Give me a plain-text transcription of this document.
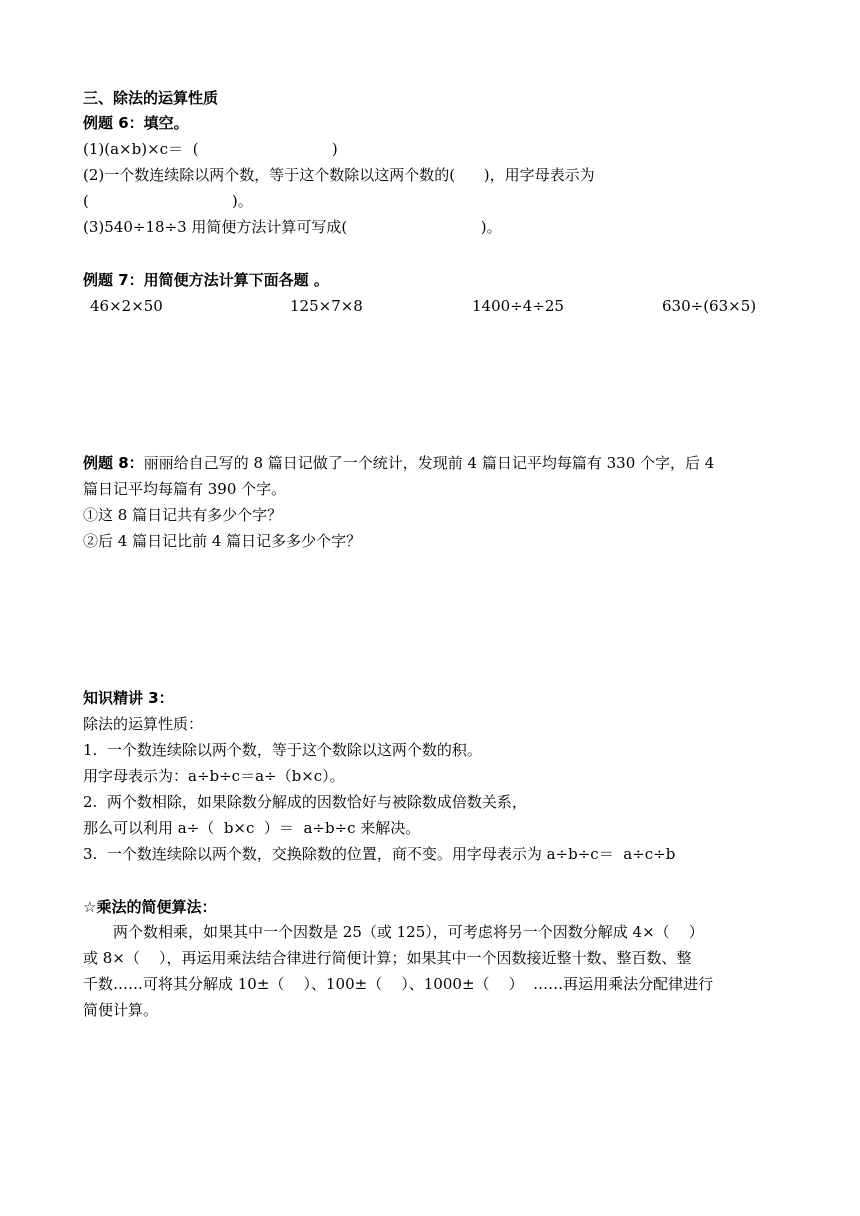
三、除法的运算性质
例题 6：填空。
(1)(a×b)×c＝  (                            )
(2)一个数连续除以两个数，等于这个数除以这两个数的(      )，用字母表示为
(                              )。
(3)540÷18÷3 用简便方法计算可写成(                            )。
例题 7：用简便方法计算下面各题 。
46×2×50	125×7×8	1400÷4÷25	630÷(63×5)
例题 8：丽丽给自己写的 8 篇日记做了一个统计，发现前 4 篇日记平均每篇有 330 个字，后 4
篇日记平均每篇有 390 个字。
①这 8 篇日记共有多少个字？
②后 4 篇日记比前 4 篇日记多多少个字？
知识精讲 3：
除法的运算性质：
1.  一个数连续除以两个数，等于这个数除以这两个数的积。
用字母表示为：a÷b÷c＝a÷（b×c）。
2.  两个数相除，如果除数分解成的因数恰好与被除数成倍数关系，
那么可以利用 a÷（  b×c  ）＝  a÷b÷c 来解决。
3.  一个数连续除以两个数，交换除数的位置，商不变。用字母表示为 a÷b÷c＝  a÷c÷b
☆乘法的简便算法：
　　两个数相乘，如果其中一个因数是 25（或 125），可考虑将另一个因数分解成 4×（    ）
或 8×（    ），再运用乘法结合律进行简便计算；如果其中一个因数接近整十数、整百数、整
千数……可将其分解成 10±（    ）、100±（    ）、1000±（    ）  ……再运用乘法分配律进行
简便计算。
